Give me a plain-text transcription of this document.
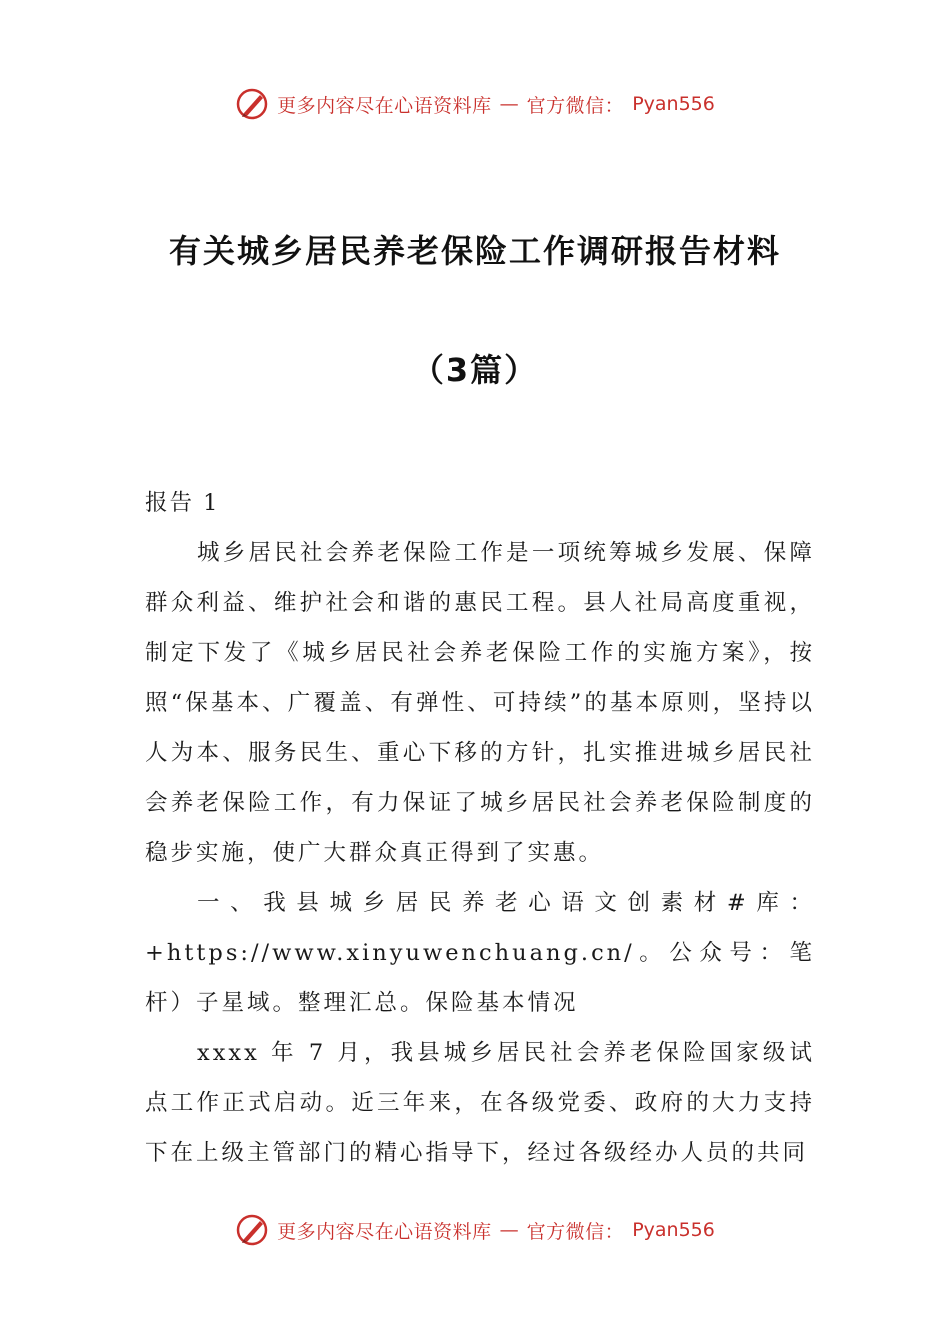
更多内容尽在心语资料库 — 官方微信： Pyan556
有关城乡居民养老保险工作调研报告材料
（3篇）

报告 1

城乡居民社会养老保险工作是一项统筹城乡发展、保障群众利益、维护社会和谐的惠民工程。县人社局高度重视，制定下发了《城乡居民社会养老保险工作的实施方案》，按照“保基本、广覆盖、有弹性、可持续”的基本原则，坚持以人为本、服务民生、重心下移的方针，扎实推进城乡居民社会养老保险工作，有力保证了城乡居民社会养老保险制度的稳步实施，使广大群众真正得到了实惠。

一、我县城乡居民养老心语文创素材#库：+https://www.xinyuwenchuang.cn/。公众号：笔杆）子星域。整理汇总。保险基本情况

xxxx 年 7 月，我县城乡居民社会养老保险国家级试点工作正式启动。近三年来，在各级党委、政府的大力支持下在上级主管部门的精心指导下，经过各级经办人员的共同

更多内容尽在心语资料库 — 官方微信： Pyan556
